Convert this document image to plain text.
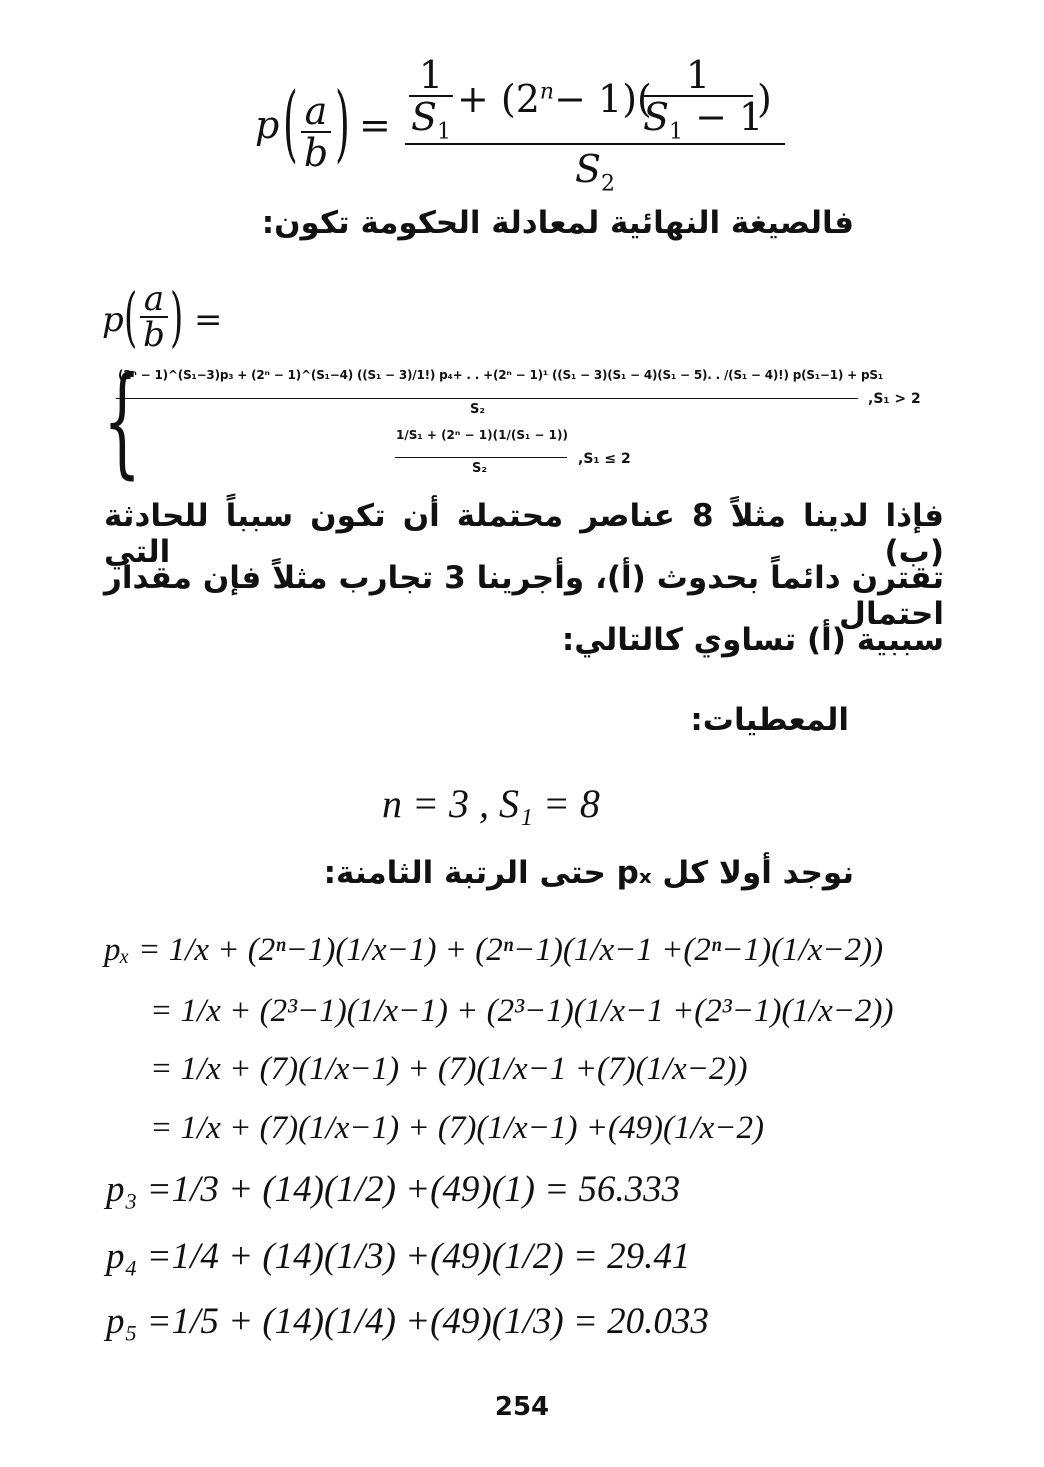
p ( $\frac{a}{b}$ ) = $\frac{1}{S_1} + (2^n- 1)$(
$\frac{1}{S_1 - 1}$ )
$S_2$
فالصيغة النهائية لمعادلة الحكومة تكون:
p ( $\frac{a}{b}$ ) =
{
(2ⁿ − 1)^(S₁−3)p₃ + (2ⁿ − 1)^(S₁−4) ((S₁ − 3)/1!) p₄+ . . +(2ⁿ − 1)¹ ((S₁ − 3)(S₁ − 4)(S₁ − 5). . /(S₁ − 4)!) p(S₁−1) + pS₁
S₂
,S₁ > 2
1/S₁ + (2ⁿ − 1)(1/(S₁ − 1))
S₂
,S₁ ≤ 2
فإذا لدينا مثلاً 8 عناصر محتملة أن تكون سبباً للحادثة (ب) التي
تقترن دائماً بحدوث (أ)، وأجرينا 3 تجارب مثلاً فإن مقدار احتمال
سببية (أ) تساوي كالتالي:
المعطيات:
n = 3 , S₁ = 8
نوجد أولا كل pₓ حتى الرتبة الثامنة:
pₓ = 1/x + (2ⁿ−1)(1/x−1) + (2ⁿ−1)(1/x−1 +(2ⁿ−1)(1/x−2))
= 1/x + (2³−1)(1/x−1) + (2³−1)(1/x−1 +(2³−1)(1/x−2))
= 1/x + (7)(1/x−1) + (7)(1/x−1 +(7)(1/x−2))
= 1/x + (7)(1/x−1) + (7)(1/x−1) +(49)(1/x−2)
p₃ =1/3 + (14)(1/2) +(49)(1) = 56.333
p₄ =1/4 + (14)(1/3) +(49)(1/2) = 29.41
p₅ =1/5 + (14)(1/4) +(49)(1/3) = 20.033
254
